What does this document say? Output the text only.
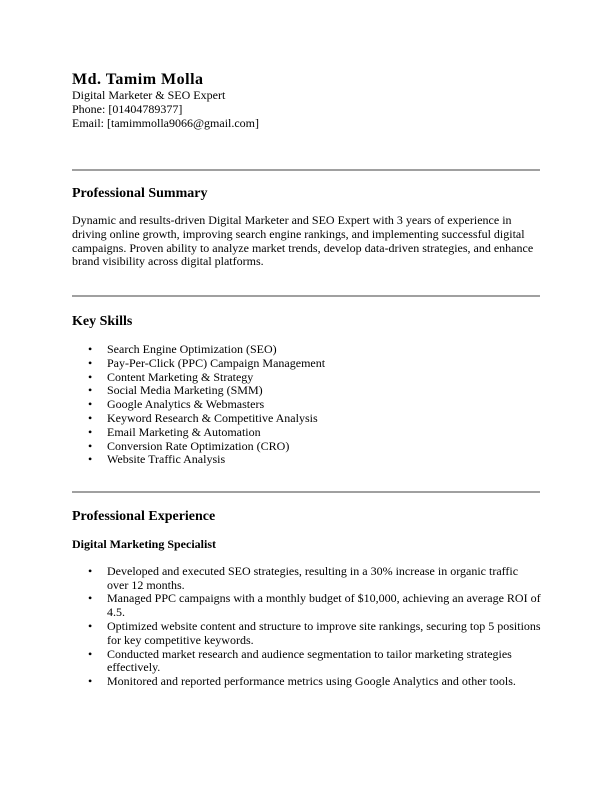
Md. Tamim Molla
Digital Marketer & SEO Expert
Phone: [01404789377]
Email: [tamimmolla9066@gmail.com]
Professional Summary
Dynamic and results-driven Digital Marketer and SEO Expert with 3 years of experience in driving online growth, improving search engine rankings, and implementing successful digital campaigns. Proven ability to analyze market trends, develop data-driven strategies, and enhance brand visibility across digital platforms.
Key Skills
• Search Engine Optimization (SEO)
• Pay-Per-Click (PPC) Campaign Management
• Content Marketing & Strategy
• Social Media Marketing (SMM)
• Google Analytics & Webmasters
• Keyword Research & Competitive Analysis
• Email Marketing & Automation
• Conversion Rate Optimization (CRO)
• Website Traffic Analysis
Professional Experience
Digital Marketing Specialist
• Developed and executed SEO strategies, resulting in a 30% increase in organic traffic over 12 months.
• Managed PPC campaigns with a monthly budget of $10,000, achieving an average ROI of 4.5.
• Optimized website content and structure to improve site rankings, securing top 5 positions for key competitive keywords.
• Conducted market research and audience segmentation to tailor marketing strategies effectively.
• Monitored and reported performance metrics using Google Analytics and other tools.
